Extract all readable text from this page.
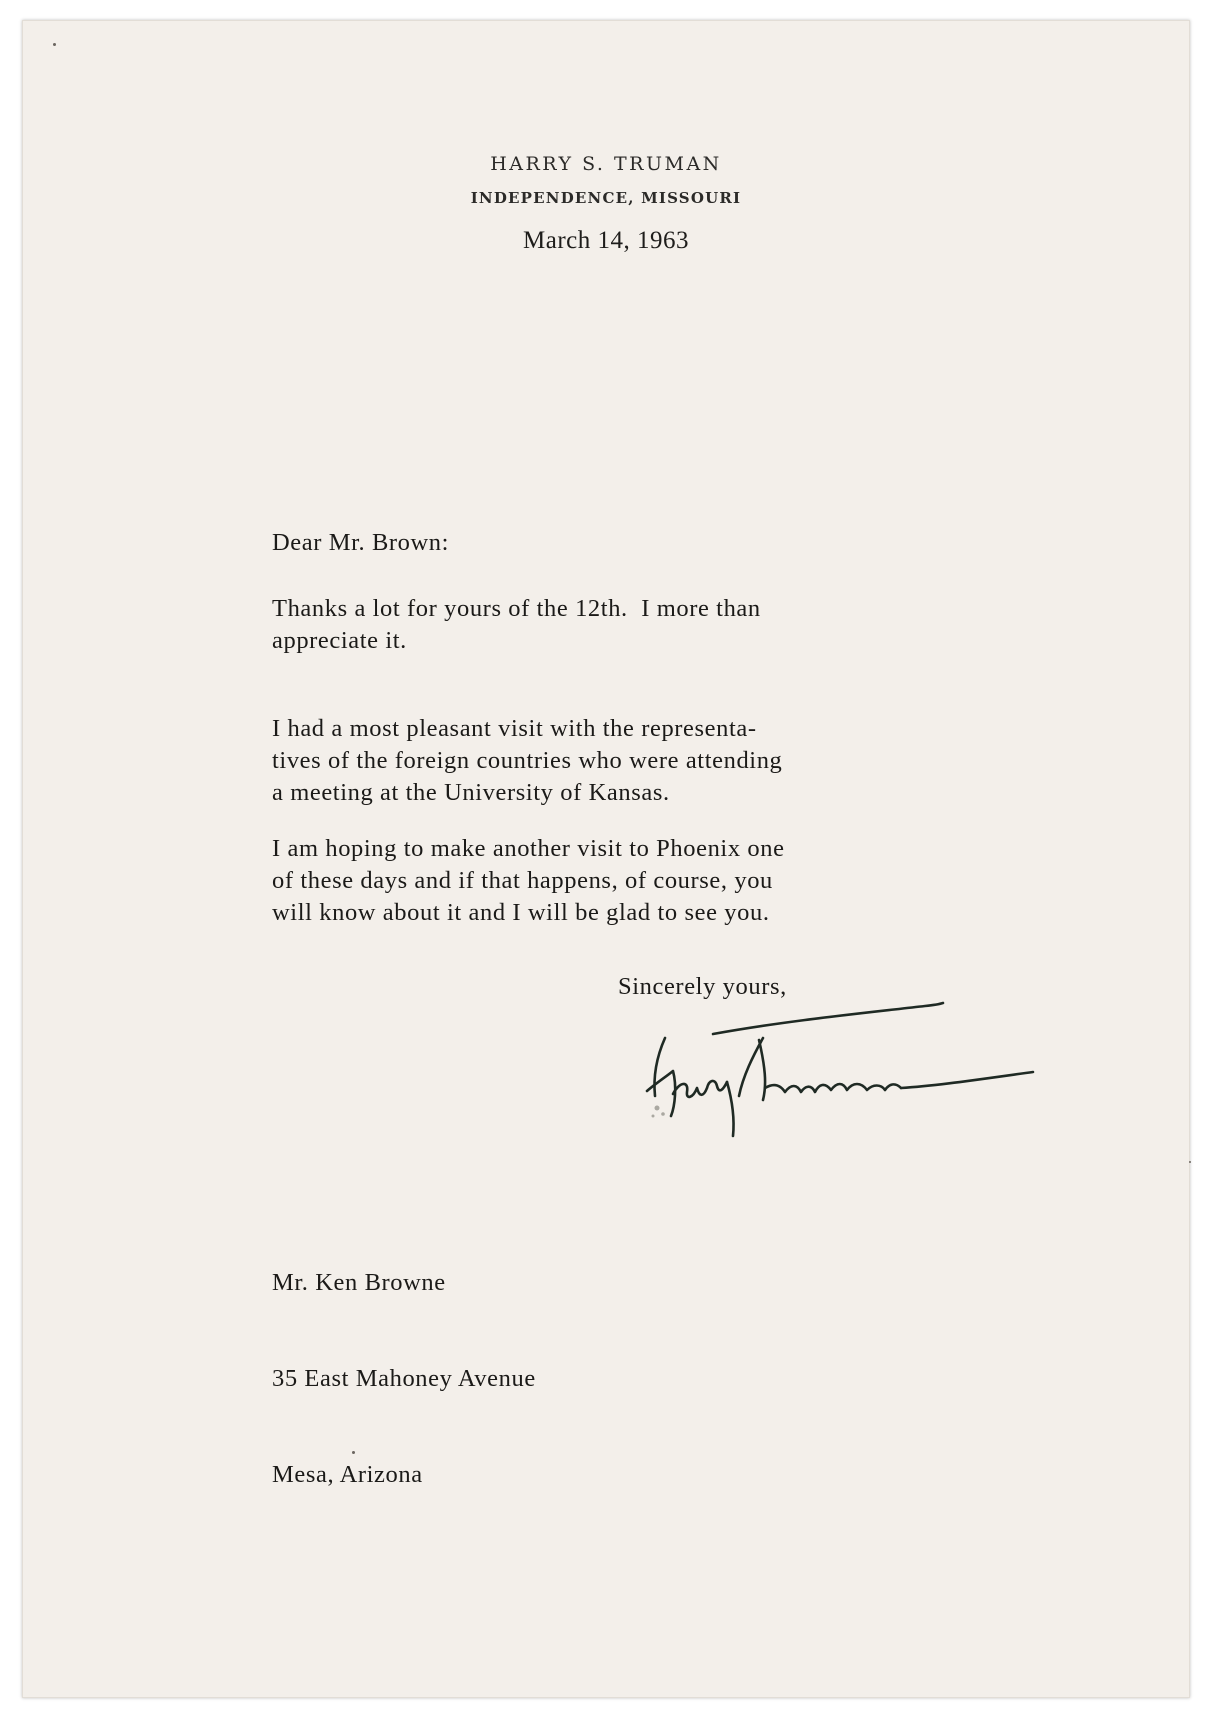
HARRY S. TRUMAN
INDEPENDENCE, MISSOURI
March 14, 1963
Dear Mr. Brown:
Thanks a lot for yours of the 12th.  I more than
appreciate it.
I had a most pleasant visit with the representa-
tives of the foreign countries who were attending
a meeting at the University of Kansas.
I am hoping to make another visit to Phoenix one
of these days and if that happens, of course, you
will know about it and I will be glad to see you.
Sincerely yours,

Mr. Ken Browne

35 East Mahoney Avenue

Mesa, Arizona
